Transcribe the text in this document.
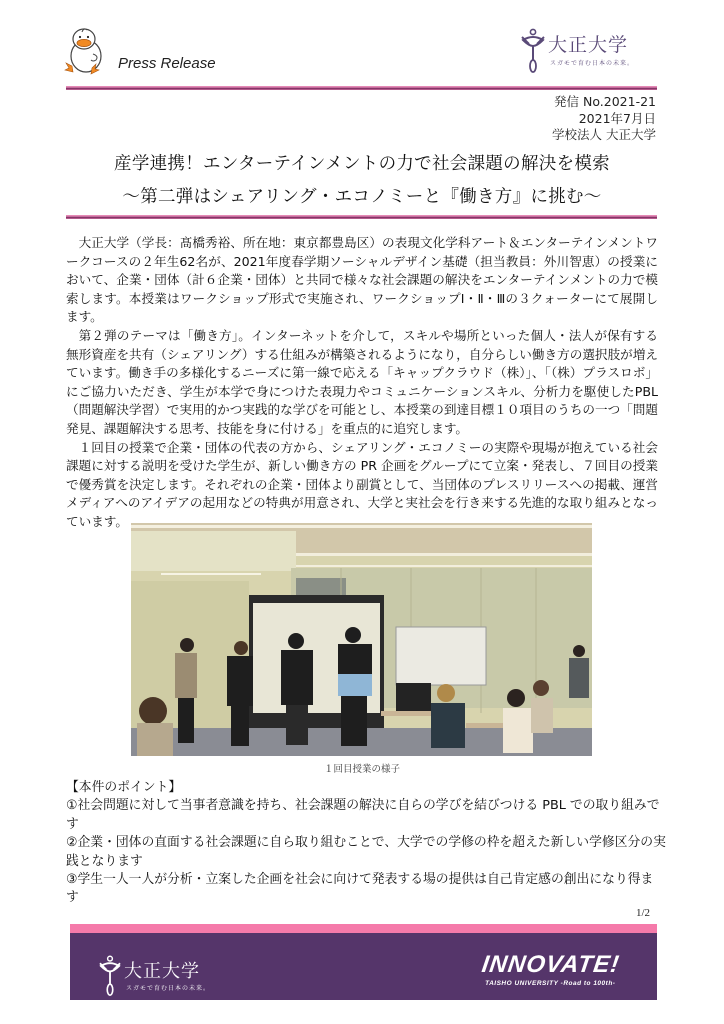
Press Release
大正大学
スガモで育む日本の未来。
発信 No.2021-21
2021年7月日
学校法人 大正大学
産学連携！エンターテインメントの力で社会課題の解決を模索
～第二弾はシェアリング・エコノミーと『働き方』に挑む～

大正大学（学長：髙橋秀裕、所在地：東京都豊島区）の表現文化学科アート＆エンターテインメントワークコースの２年生62名が、2021年度春学期ソーシャルデザイン基礎（担当教員：外川智恵）の授業において、企業・団体（計６企業・団体）と共同で様々な社会課題の解決をエンターテインメントの力で模索します。本授業はワークショップ形式で実施され、ワークショップⅠ・Ⅱ・Ⅲの３クォーターにて展開します。

第２弾のテーマは「働き方」。インターネットを介して，スキルや場所といった個人・法人が保有する無形資産を共有（シェアリング）する仕組みが構築されるようになり，自分らしい働き方の選択肢が増えています。働き手の多様化するニーズに第一線で応える「キャップクラウド（株）」、「（株）プラスロボ」にご協力いただき、学生が本学で身につけた表現力やコミュニケーションスキル、分析力を駆使したPBL（問題解決学習）で実用的かつ実践的な学びを可能とし、本授業の到達目標１０項目のうちの一つ「問題発見、課題解決する思考、技能を身に付ける」を重点的に追究します。

１回目の授業で企業・団体の代表の方から、シェアリング・エコノミーの実際や現場が抱えている社会課題に対する説明を受けた学生が、新しい働き方の PR 企画をグループにて立案・発表し、７回目の授業で優秀賞を決定します。それぞれの企業・団体より副賞として、当団体のプレスリリースへの掲載、運営メディアへのアイデアの起用などの特典が用意され、大学と実社会を行き来する先進的な取り組みとなっています。

１回目授業の様子
【本件のポイント】
①社会問題に対して当事者意識を持ち、社会課題の解決に自らの学びを結びつける PBL での取り組みです
②企業・団体の直面する社会課題に自ら取り組むことで、大学での学修の枠を超えた新しい学修区分の実践となります
③学生一人一人が分析・立案した企画を社会に向けて発表する場の提供は自己肯定感の創出になり得ます
1/2
大正大学
スガモで育む日本の未来。
INNOVATE!
TAISHO UNIVERSITY -Road to 100th-
